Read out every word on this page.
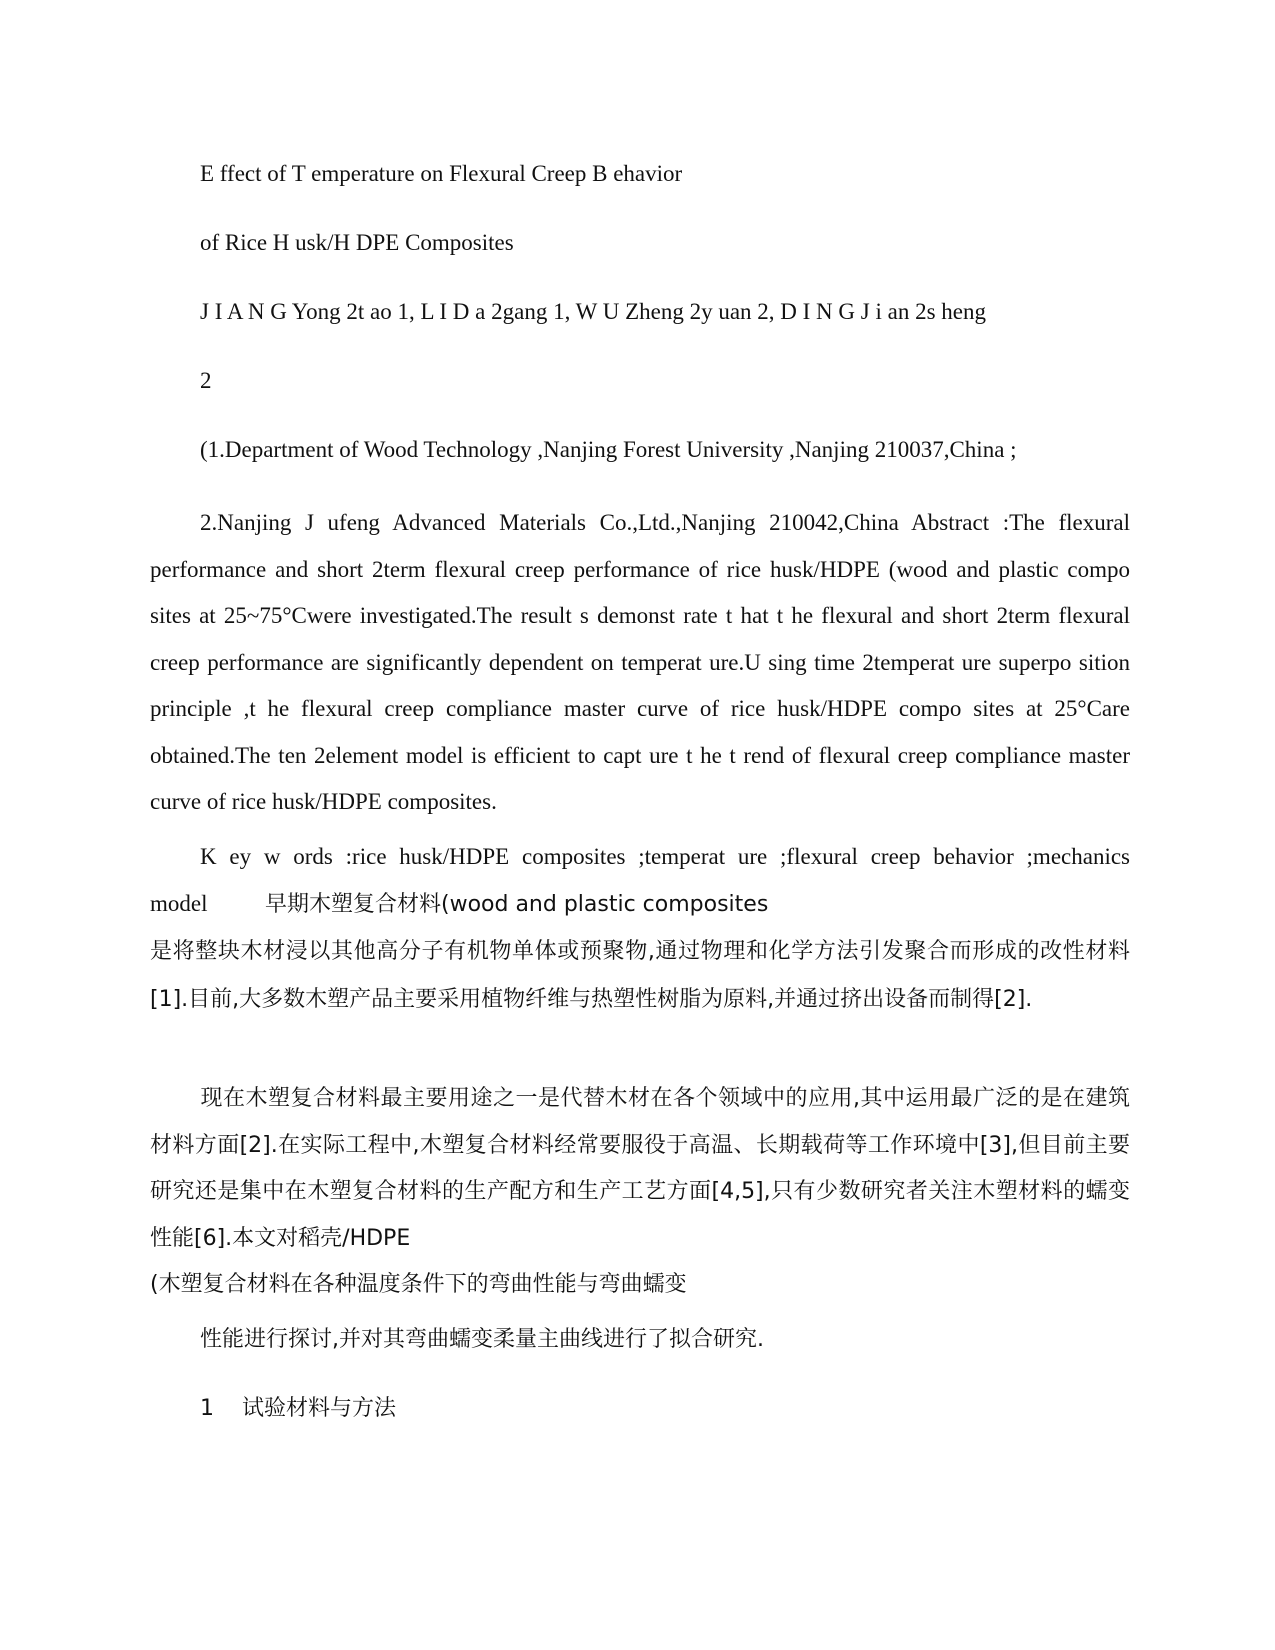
E ffect of T emperature on Flexural Creep B ehavior
of Rice H usk/H DPE Composites
J I A N G Yong 2t ao 1, L I D a 2gang 1, W U Zheng 2y uan 2, D I N G J i an 2s heng
2
(1.Department of Wood Technology ,Nanjing Forest University ,Nanjing 210037,China ;
2.Nanjing J ufeng Advanced Materials Co.,Ltd.,Nanjing 210042,China Abstract :The flexural performance and short 2term flexural creep performance of rice husk/HDPE (wood and plastic compo sites at 25~75°Cwere investigated.The result s demonst rate t hat t he flexural and short 2term flexural creep performance are significantly dependent on temperat ure.U sing time 2temperat ure superpo sition principle ,t he flexural creep compliance master curve of rice husk/HDPE compo sites at 25°Care obtained.The ten 2element model is efficient to capt ure t he t rend of flexural creep compliance master curve of rice husk/HDPE composites.
K ey w ords :rice husk/HDPE composites ;temperat ure ;flexural creep behavior ;mechanics model	早期木塑复合材料(wood and plastic composites
是将整块木材浸以其他高分子有机物单体或预聚物,通过物理和化学方法引发聚合而形成的改性材料[1].目前,大多数木塑产品主要采用植物纤维与热塑性树脂为原料,并通过挤出设备而制得[2].
现在木塑复合材料最主要用途之一是代替木材在各个领域中的应用,其中运用最广泛的是在建筑材料方面[2].在实际工程中,木塑复合材料经常要服役于高温、长期载荷等工作环境中[3],但目前主要研究还是集中在木塑复合材料的生产配方和生产工艺方面[4,5],只有少数研究者关注木塑材料的蠕变性能[6].本文对稻壳/HDPE
(木塑复合材料在各种温度条件下的弯曲性能与弯曲蠕变
性能进行探讨,并对其弯曲蠕变柔量主曲线进行了拟合研究.
1 试验材料与方法
